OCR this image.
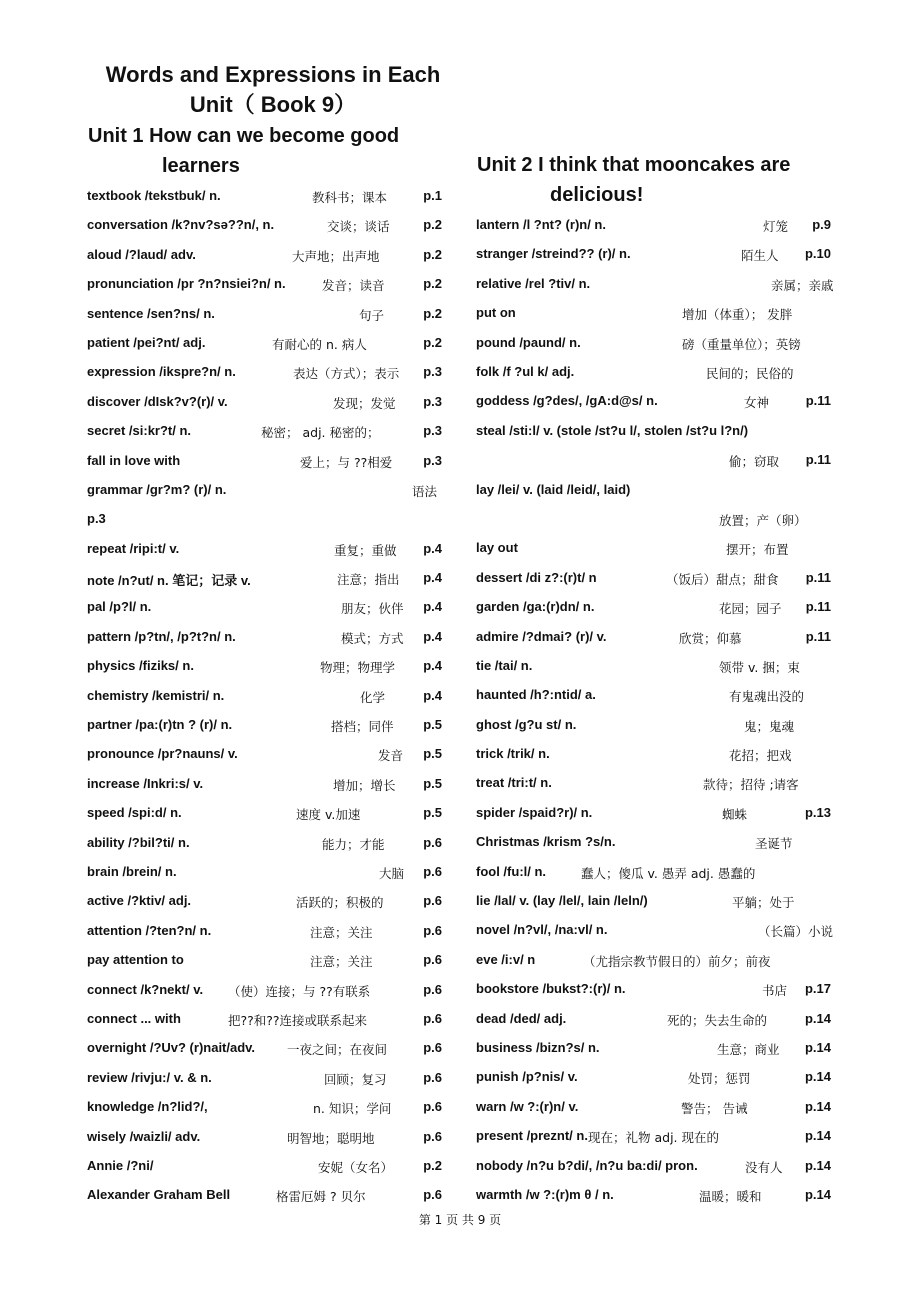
Words and Expressions in Each
Unit（ Book 9）
Unit 1 How can we become good
learners	Unit 2 I think that mooncakes are
delicious!
textbook /tekstbuk/ n.	教科书；课本	p.1
conversation /k?nv?sə??n/, n.	交谈；谈话	p.2
aloud /?laud/ adv.	大声地；出声地	p.2
pronunciation /pr ?n?nsiei?n/ n.	发音；读音	p.2
sentence /sen?ns/ n.	句子	p.2
patient /pei?nt/ adj.	有耐心的 n. 病人	p.2
expression /ikspre?n/ n.	表达（方式）；表示 p.3
discover /dIsk?v?(r)/ v.	发现；发觉 p.3
secret /si:kr?t/ n.	秘密； adj. 秘密的；	p.3
fall in love with	爱上；与 ??相爱 p.3
grammar /gr?m? (r)/ n.	语法
p.3
repeat /ripi:t/ v.	重复；重做 p.4
note /n?ut/ n. 笔记；记录 v.	注意；指出 p.4
pal /p?l/ n.	朋友；伙伴 p.4
pattern /p?tn/, /p?t?n/ n.	模式；方式 p.4
physics /fiziks/ n.	物理；物理学 p.4
chemistry /kemistri/ n.	化学	p.4
partner /pa:(r)tn ? (r)/ n.	搭档；同伴 p.5
pronounce /pr?nauns/ v.	发音 p.5
increase /Inkri:s/ v.	增加；增长 p.5
speed /spi:d/ n.	速度 v.加速	p.5
ability /?bil?ti/ n.	能力；才能	p.6
brain /brein/ n.	大脑 p.6
active /?ktiv/ adj.	活跃的；积极的	p.6
attention /?ten?n/ n.	注意；关注	p.6
pay attention to	注意；关注	p.6
connect /k?nekt/ v. （使）连接；与 ??有联系	p.6
connect ... with	把??和??连接或联系起来	p.6
overnight /?Uv? (r)nait/adv.	一夜之间；在夜间	p.6
review /rivju:/ v. & n.	回顾；复习	p.6
knowledge /n?lid?/,	n. 知识；学问 p.6
wisely /waizli/ adv.	明智地；聪明地	p.6
Annie /?ni/	安妮（女名） p.2
Alexander Graham Bell	格雷厄姆 ? 贝尔	p.6
lantern /l ?nt? (r)n/ n.	灯笼 p.9
stranger /streind?? (r)/ n.	陌生人 p.10
relative /rel ?tiv/ n.	亲属；亲戚
put on	增加（体重）； 发胖
pound /paund/ n.	磅（重量单位）；英镑
folk /f ?ul k/ adj.	民间的；民俗的
goddess /g?des/, /gA:d@s/ n.	女神	p.11
steal /sti:l/ v. (stole /st?u l/, stolen /st?u l?n/)
偷；窃取 p.11
lay /lei/ v. (laid /leid/, laid)
放置；产（卵）
lay out	摆开；布置
dessert /di z?:(r)t/ n	（饭后）甜点；甜食 p.11
garden /ga:(r)dn/ n.	花园；园子 p.11
admire /?dmai? (r)/ v.	欣赏；仰慕	p.11
tie /tai/ n.	领带 v. 捆；束
haunted /h?:ntid/ a.	有鬼魂出没的
ghost /g?u st/ n.	鬼；鬼魂
trick /trik/ n.	花招；把戏
treat /tri:t/ n.	款待；招待 ;请客
spider /spaid?r)/ n.	蜘蛛	p.13
Christmas /krism ?s/n.	圣诞节
fool /fu:l/ n.	蠢人；傻瓜 v. 愚弄 adj. 愚蠢的
lie /lal/ v. (lay /lel/, lain /leln/)	平躺；处于
novel /n?vl/, /na:vl/ n.	（长篇）小说
eve /i:v/ n	（尤指宗教节假日的）前夕；前夜
bookstore /bukst?:(r)/ n.	书店 p.17
dead /ded/ adj.	死的；失去生命的	p.14
business /bizn?s/ n.	生意；商业 p.14
punish /p?nis/ v.	处罚；惩罚	p.14
warn /w ?:(r)n/ v.	警告； 告诫	p.14
present /preznt/ n. 现在；礼物 adj. 现在的	p.14
nobody /n?u b?di/, /n?u ba:di/ pron.	没有人 p.14
warmth /w ?:(r)m θ / n.	温暖；暖和	p.14
第 1 页 共 9 页
